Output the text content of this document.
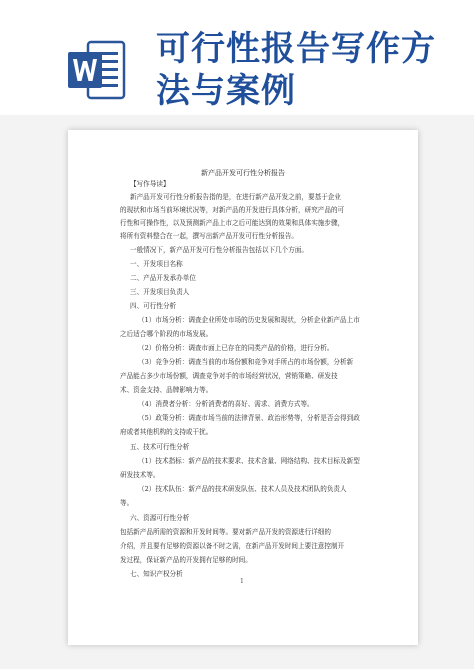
可行性报告写作方
法与案例
新产品开发可行性分析报告
【写作导读】
新产品开发可行性分析报告指的是，在进行新产品开发之前，要基于企业
的现状和市场当前环境状况等，对新产品的开发进行具体分析，研究产品的可
行性和可操作性，以及预测新产品上市之后可能达到的效果和具体实施步骤，
将所有资料整合在一起，撰写出新产品开发可行性分析报告。
一般情况下，新产品开发可行性分析报告包括以下几个方面。
一、开发项目名称
二、产品开发承办单位
三、开发项目负责人
四、可行性分析
（1）市场分析：调查企业所处市场的历史发展和现状，分析企业新产品上市
之后适合哪个阶段的市场发展。
（2）价格分析：调查市面上已存在的同类产品的价格，进行分析。
（3）竞争分析：调查当前的市场份额和竞争对手所占的市场份额，分析新
产品能占多少市场份额，调查竞争对手的市场经营状况，营销策略、研发技
术、资金支持、品牌影响力等。
（4）消费者分析：分析消费者的喜好、需求、消费方式等。
（5）政策分析：调查市场当前的法律背景、政治形势等，分析是否会得到政
府或者其他机构的支持或干扰。
五、技术可行性分析
（1）技术指标：新产品的技术要求、技术含量、网络结构、技术目标及新型
研发技术等。
（2）技术队伍：新产品的技术研发队伍、技术人员及技术团队的负责人
等。
六、资源可行性分析
包括新产品所需的资源和开发时间等。要对新产品开发的资源进行详细的
介绍，并且要有足够的资源以备不时之需，在新产品开发时间上要注意控制开
发过程，保证新产品的开发拥有足够的时间。
七、知识产权分析
1
